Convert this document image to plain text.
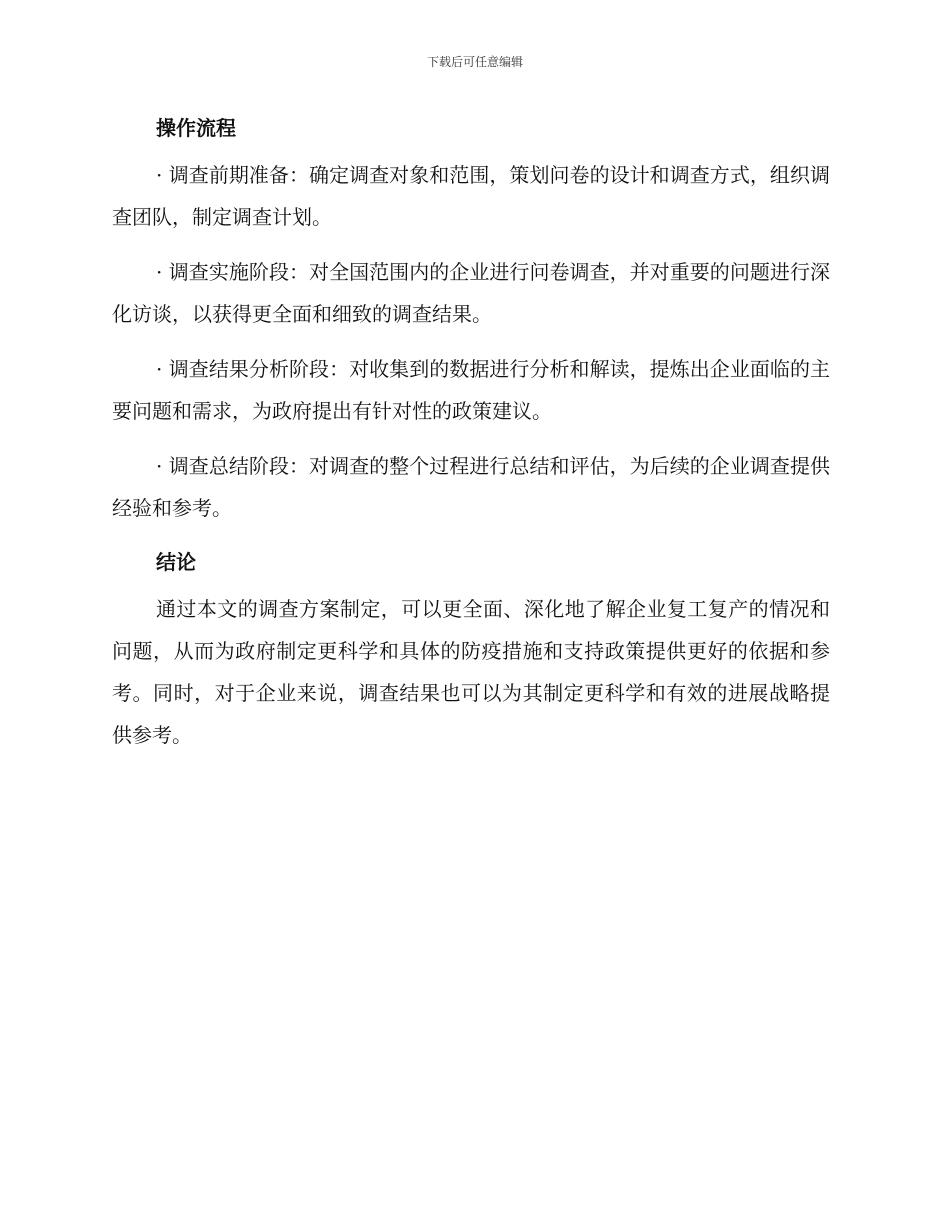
下载后可任意编辑
操作流程

· 调查前期准备：确定调查对象和范围，策划问卷的设计和调查方式，组织调查团队，制定调查计划。

· 调查实施阶段：对全国范围内的企业进行问卷调查，并对重要的问题进行深化访谈，以获得更全面和细致的调查结果。

· 调查结果分析阶段：对收集到的数据进行分析和解读，提炼出企业面临的主要问题和需求，为政府提出有针对性的政策建议。

· 调查总结阶段：对调查的整个过程进行总结和评估，为后续的企业调查提供经验和参考。

结论

通过本文的调查方案制定，可以更全面、深化地了解企业复工复产的情况和问题，从而为政府制定更科学和具体的防疫措施和支持政策提供更好的依据和参考。同时，对于企业来说，调查结果也可以为其制定更科学和有效的进展战略提供参考。
